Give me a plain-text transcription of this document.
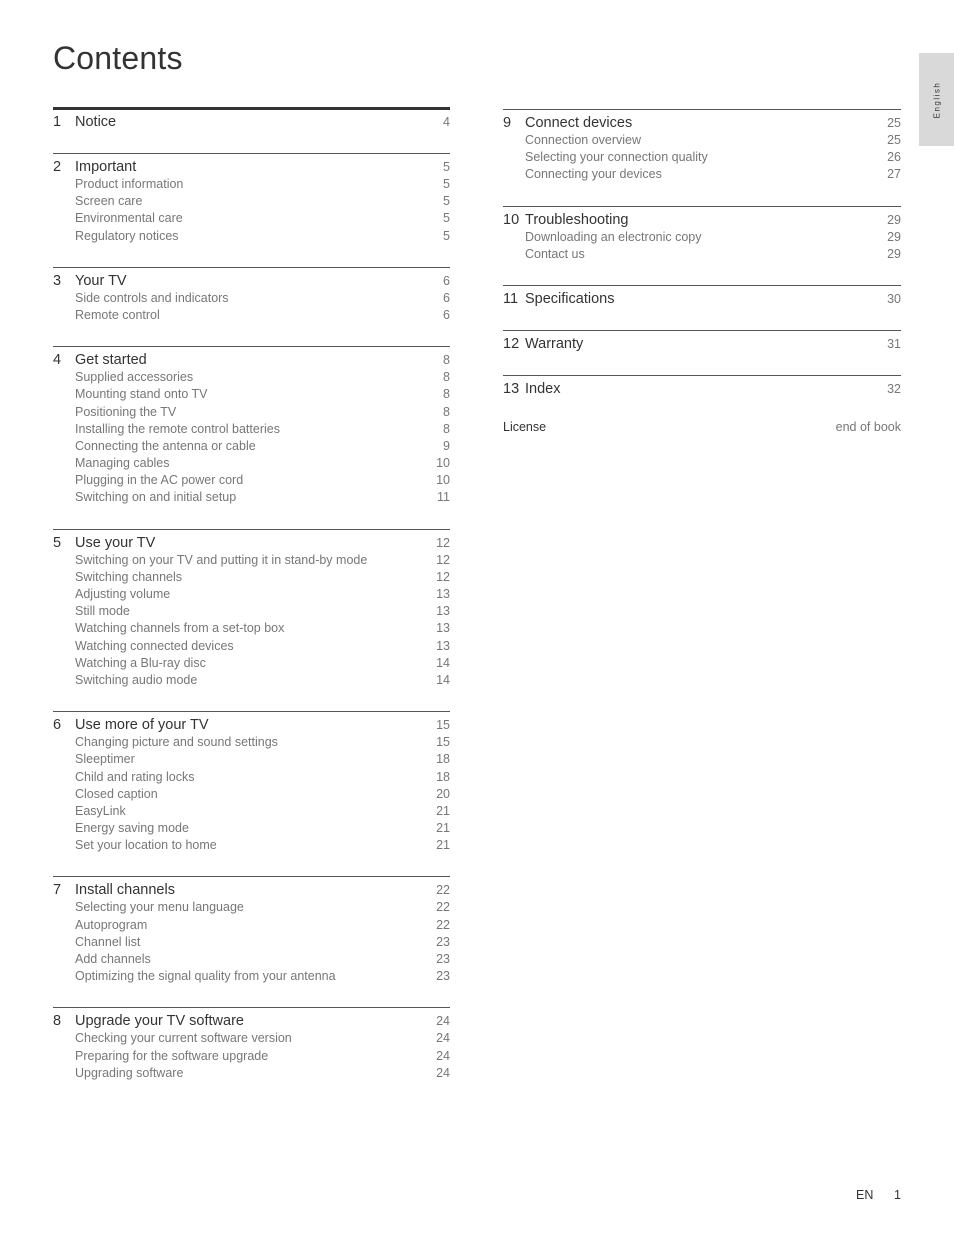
Contents
English
1 Notice	4
2 Important	5
Product information	5
Screen care	5
Environmental care	5
Regulatory notices	5
3 Your TV	6
Side controls and indicators	6
Remote control	6
4 Get started	8
Supplied accessories	8
Mounting stand onto TV	8
Positioning the TV	8
Installing the remote control batteries	8
Connecting the antenna or cable	9
Managing cables	10
Plugging in the AC power cord	10
Switching on and initial setup	11
5 Use your TV	12
Switching on your TV and putting it in stand-by mode	12
Switching channels	12
Adjusting volume	13
Still mode	13
Watching channels from a set-top box	13
Watching connected devices	13
Watching a Blu-ray disc	14
Switching audio mode	14
6 Use more of your TV	15
Changing picture and sound settings	15
Sleeptimer	18
Child and rating locks	18
Closed caption	20
EasyLink	21
Energy saving mode	21
Set your location to home	21
7 Install channels	22
Selecting your menu language	22
Autoprogram	22
Channel list	23
Add channels	23
Optimizing the signal quality from your antenna	23
8 Upgrade your TV software	24
Checking your current software version	24
Preparing for the software upgrade	24
Upgrading software	24
9 Connect devices	25
Connection overview	25
Selecting your connection quality	26
Connecting your devices	27
10 Troubleshooting	29
Downloading an electronic copy	29
Contact us	29
11 Specifications	30
12 Warranty	31
13 Index	32
License	end of book
EN 1
